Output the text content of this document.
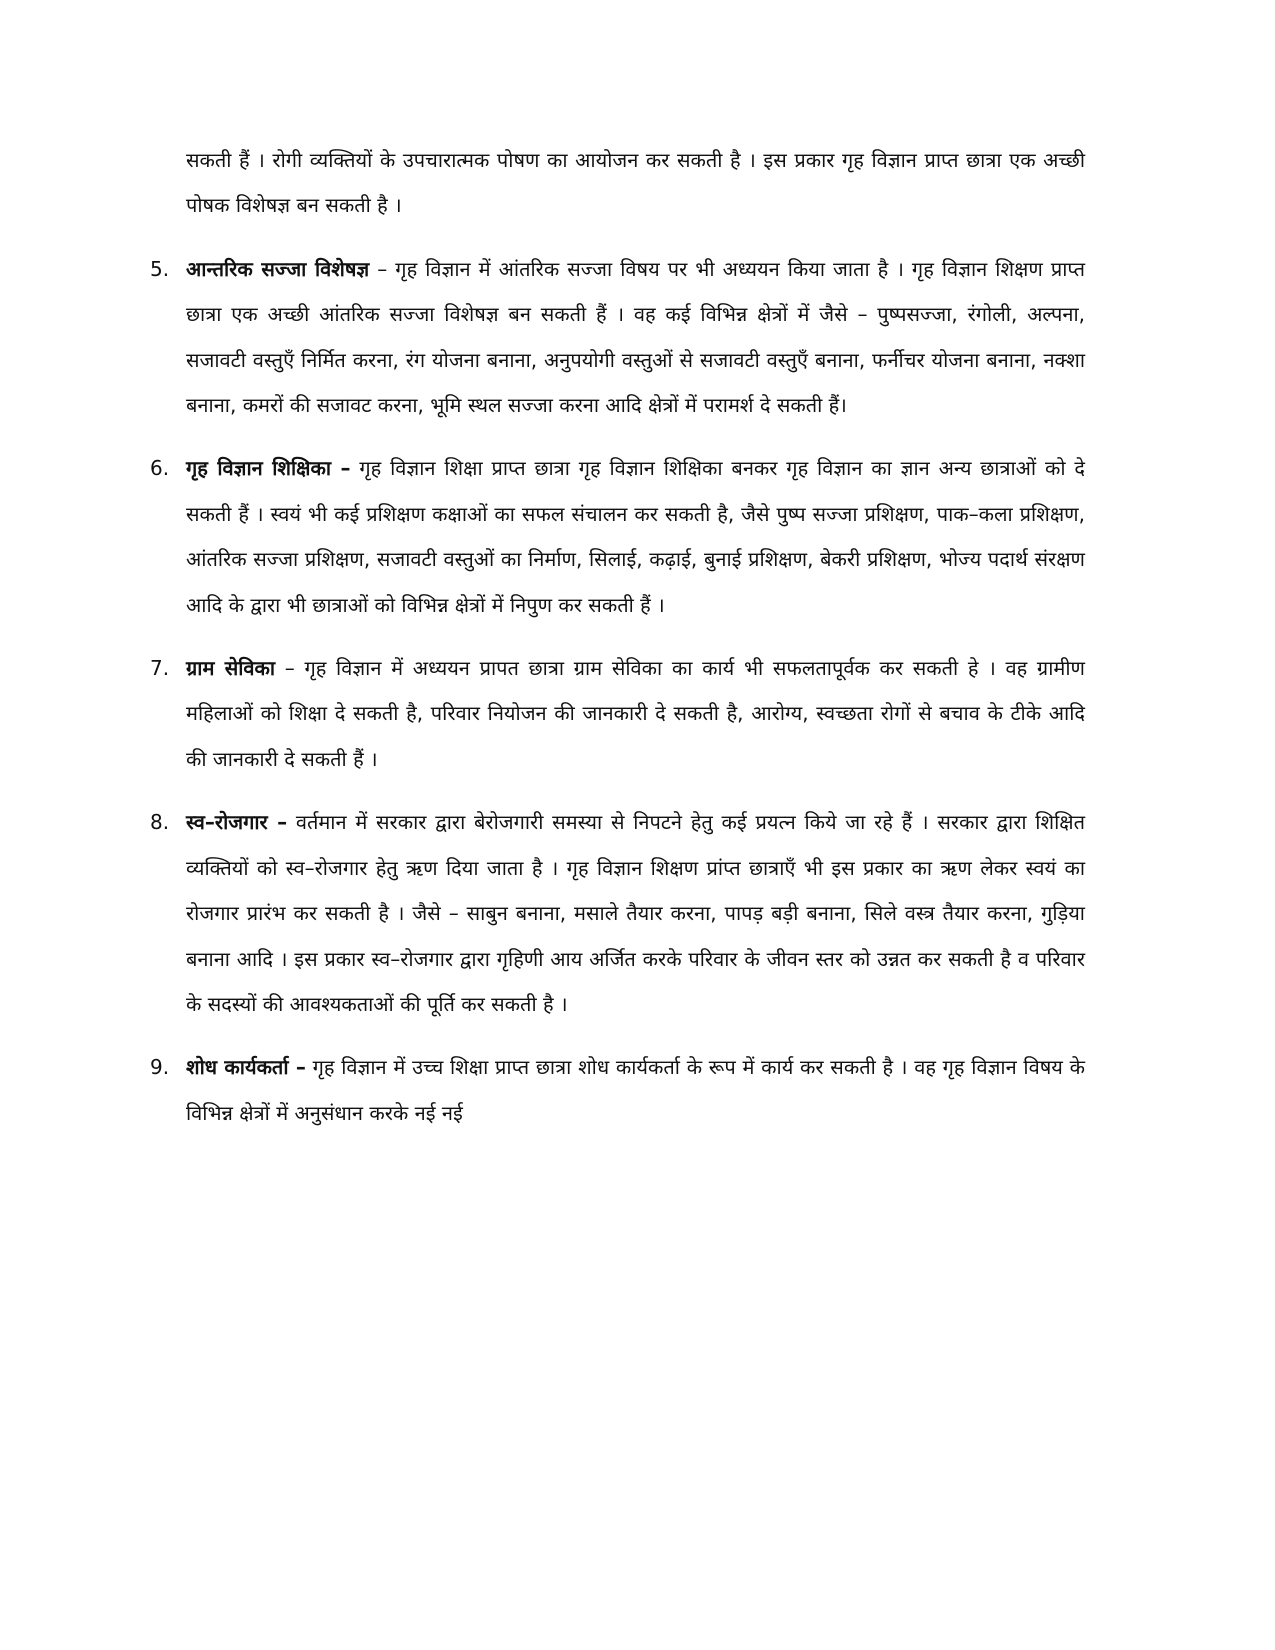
सकती हैं । रोगी व्यक्तियों के उपचारात्मक पोषण का आयोजन कर सकती है । इस प्रकार गृह विज्ञान प्राप्त छात्रा एक अच्छी पोषक विशेषज्ञ बन सकती है ।

5. आन्तरिक सज्जा विशेषज्ञ – गृह विज्ञान में आंतरिक सज्जा विषय पर भी अध्ययन किया जाता है । गृह विज्ञान शिक्षण प्राप्त छात्रा एक अच्छी आंतरिक सज्जा विशेषज्ञ बन सकती हैं । वह कई विभिन्न क्षेत्रों में जैसे – पुष्पसज्जा, रंगोली, अल्पना, सजावटी वस्तुएँ निर्मित करना, रंग योजना बनाना, अनुपयोगी वस्तुओं से सजावटी वस्तुएँ बनाना, फर्नीचर योजना बनाना, नक्शा बनाना, कमरों की सजावट करना, भूमि स्थल सज्जा करना आदि क्षेत्रों में परामर्श दे सकती हैं।
6. गृह विज्ञान शिक्षिका – गृह विज्ञान शिक्षा प्राप्त छात्रा गृह विज्ञान शिक्षिका बनकर गृह विज्ञान का ज्ञान अन्य छात्राओं को दे सकती हैं । स्वयं भी कई प्रशिक्षण कक्षाओं का सफल संचालन कर सकती है, जैसे पुष्प सज्जा प्रशिक्षण, पाक–कला प्रशिक्षण, आंतरिक सज्जा प्रशिक्षण, सजावटी वस्तुओं का निर्माण, सिलाई, कढ़ाई, बुनाई प्रशिक्षण, बेकरी प्रशिक्षण, भोज्य पदार्थ संरक्षण आदि के द्वारा भी छात्राओं को विभिन्न क्षेत्रों में निपुण कर सकती हैं ।
7. ग्राम सेविका – गृह विज्ञान में अध्ययन प्रापत छात्रा ग्राम सेविका का कार्य भी सफलतापूर्वक कर सकती हे । वह ग्रामीण महिलाओं को शिक्षा दे सकती है, परिवार नियोजन की जानकारी दे सकती है, आरोग्य, स्वच्छता रोगों से बचाव के टीके आदि की जानकारी दे सकती हैं ।
8. स्व–रोजगार – वर्तमान में सरकार द्वारा बेरोजगारी समस्या से निपटने हेतु कई प्रयत्न किये जा रहे हैं । सरकार द्वारा शिक्षित व्यक्तियों को स्व–रोजगार हेतु ऋण दिया जाता है । गृह विज्ञान शिक्षण प्रांप्त छात्राएँ भी इस प्रकार का ऋण लेकर स्वयं का रोजगार प्रारंभ कर सकती है । जैसे – साबुन बनाना, मसाले तैयार करना, पापड़ बड़ी बनाना, सिले वस्त्र तैयार करना, गुड़िया बनाना आदि । इस प्रकार स्व–रोजगार द्वारा गृहिणी आय अर्जित करके परिवार के जीवन स्तर को उन्नत कर सकती है व परिवार के सदस्यों की आवश्यकताओं की पूर्ति कर सकती है ।
9. शोध कार्यकर्ता – गृह विज्ञान में उच्च शिक्षा प्राप्त छात्रा शोध कार्यकर्ता के रूप में कार्य कर सकती है । वह गृह विज्ञान विषय के विभिन्न क्षेत्रों में अनुसंधान करके नई नई
